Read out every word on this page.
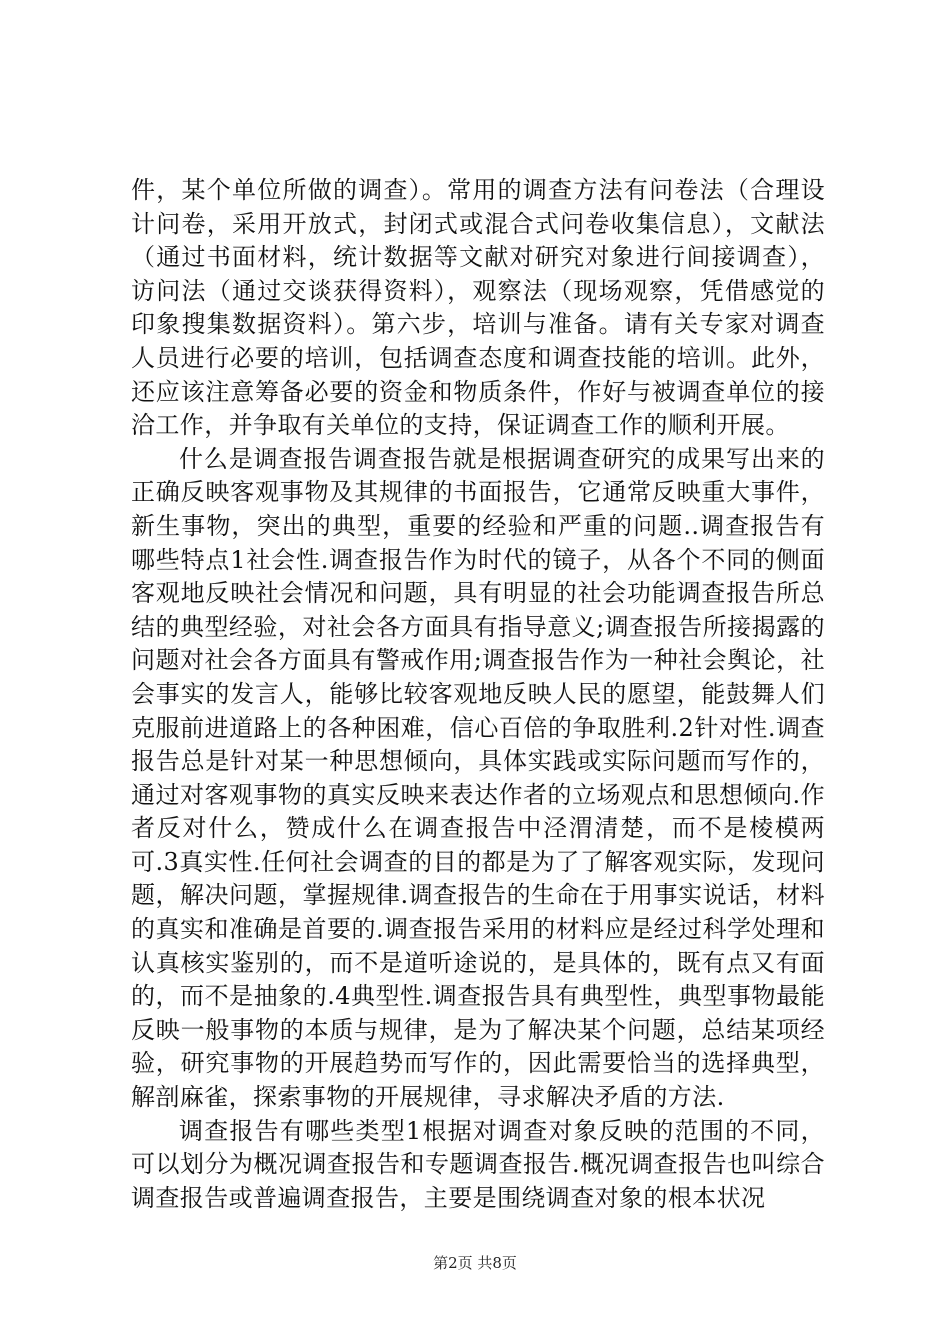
件，某个单位所做的调查）。常用的调查方法有问卷法（合理设计问卷，采用开放式，封闭式或混合式问卷收集信息），文献法（通过书面材料，统计数据等文献对研究对象进行间接调查），访问法（通过交谈获得资料），观察法（现场观察，凭借感觉的印象搜集数据资料）。第六步，培训与准备。请有关专家对调查人员进行必要的培训，包括调查态度和调查技能的培训。此外，还应该注意筹备必要的资金和物质条件，作好与被调查单位的接洽工作，并争取有关单位的支持，保证调查工作的顺利开展。

什么是调查报告调查报告就是根据调查研究的成果写出来的正确反映客观事物及其规律的书面报告，它通常反映重大事件，新生事物，突出的典型，重要的经验和严重的问题..调查报告有哪些特点1社会性.调查报告作为时代的镜子，从各个不同的侧面客观地反映社会情况和问题，具有明显的社会功能调查报告所总结的典型经验，对社会各方面具有指导意义;调查报告所接揭露的问题对社会各方面具有警戒作用;调查报告作为一种社会舆论，社会事实的发言人，能够比较客观地反映人民的愿望，能鼓舞人们克服前进道路上的各种困难，信心百倍的争取胜利.2针对性.调查报告总是针对某一种思想倾向，具体实践或实际问题而写作的，通过对客观事物的真实反映来表达作者的立场观点和思想倾向.作者反对什么，赞成什么在调查报告中泾渭清楚，而不是棱模两可.3真实性.任何社会调查的目的都是为了了解客观实际，发现问题，解决问题，掌握规律.调查报告的生命在于用事实说话，材料的真实和准确是首要的.调查报告采用的材料应是经过科学处理和认真核实鉴别的，而不是道听途说的，是具体的，既有点又有面的，而不是抽象的.4典型性.调查报告具有典型性，典型事物最能反映一般事物的本质与规律，是为了解决某个问题，总结某项经验，研究事物的开展趋势而写作的，因此需要恰当的选择典型，解剖麻雀，探索事物的开展规律，寻求解决矛盾的方法.

调查报告有哪些类型1根据对调查对象反映的范围的不同，可以划分为概况调查报告和专题调查报告.概况调查报告也叫综合调查报告或普遍调查报告，主要是围绕调查对象的根本状况

第2页 共8页
